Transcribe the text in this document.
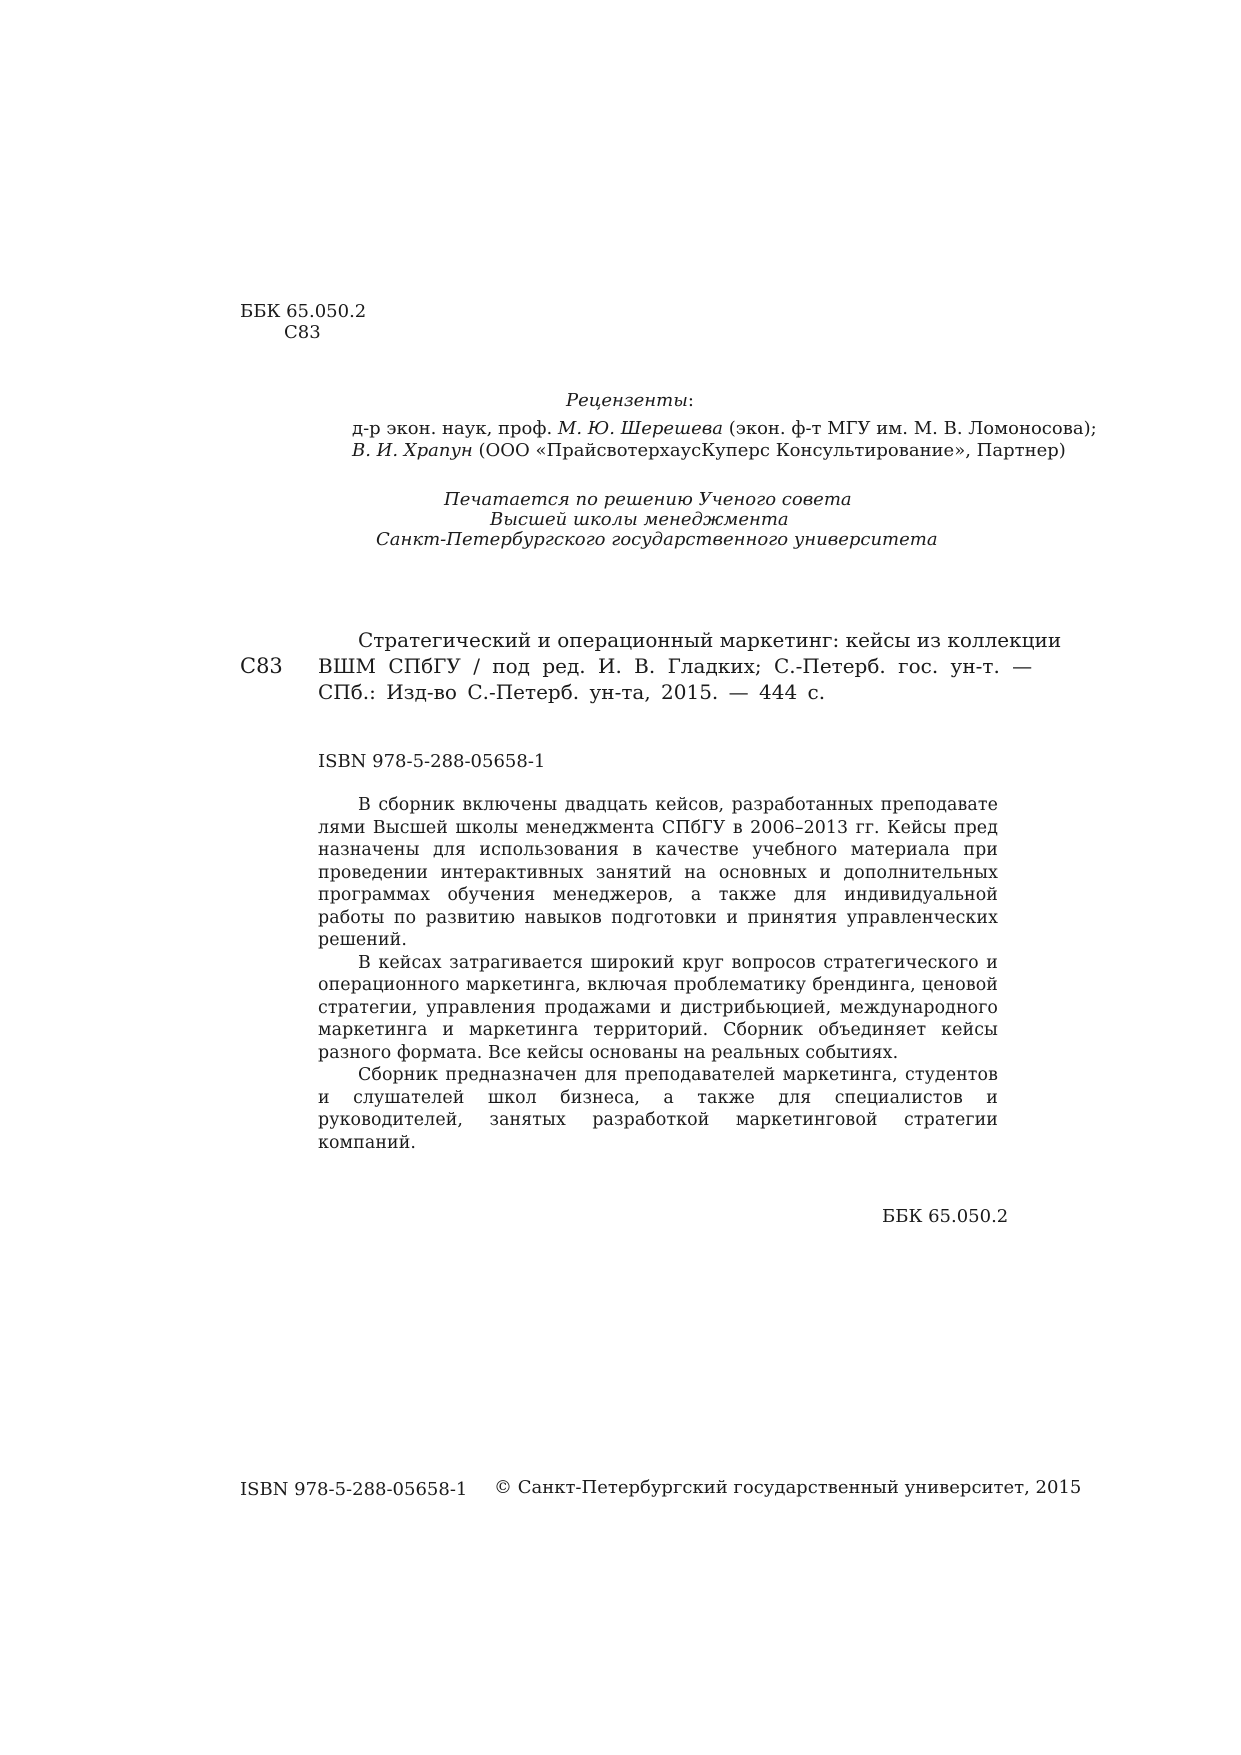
ББК 65.050.2
С83
Рецензенты:
д-р экон. наук, проф. М. Ю. Шерешева (экон. ф-т МГУ им. М. В. Ломоносова);
В. И. Храпун (ООО «ПрайсвотерхаусКуперс Консультирование», Партнер)
Печатается по решению Ученого совета
Высшей школы менеджмента
Санкт-Петербургского государственного университета
С83
Стратегический и операционный маркетинг: кейсы из коллекции
ВШМ СПбГУ / под ред. И. В. Гладких; С.-Петерб. гос. ун-т. —
СПб.: Изд-во С.-Петерб. ун-та, 2015. — 444 с.
ISBN 978-5-288-05658-1

В сборник включены двадцать кейсов, разработанных преподавате лями Высшей школы менеджмента СПбГУ в 2006–2013 гг. Кейсы пред назначены для использования в качестве учебного материала при проведении интерактивных занятий на основных и дополнительных программах обучения менеджеров, а также для индивидуальной работы по развитию навыков подготовки и принятия управленческих решений.

В кейсах затрагивается широкий круг вопросов стратегического и операционного маркетинга, включая проблематику брендинга, ценовой стратегии, управления продажами и дистрибьюцией, международного маркетинга и маркетинга территорий. Сборник объединяет кейсы разного формата. Все кейсы основаны на реальных событиях.

Сборник предназначен для преподавателей маркетинга, студентов и слушателей школ бизнеса, а также для специалистов и руководителей, занятых разработкой маркетинговой стратегии компаний.

ББК 65.050.2
ISBN 978-5-288-05658-1 © Санкт-Петербургский государственный университет, 2015
